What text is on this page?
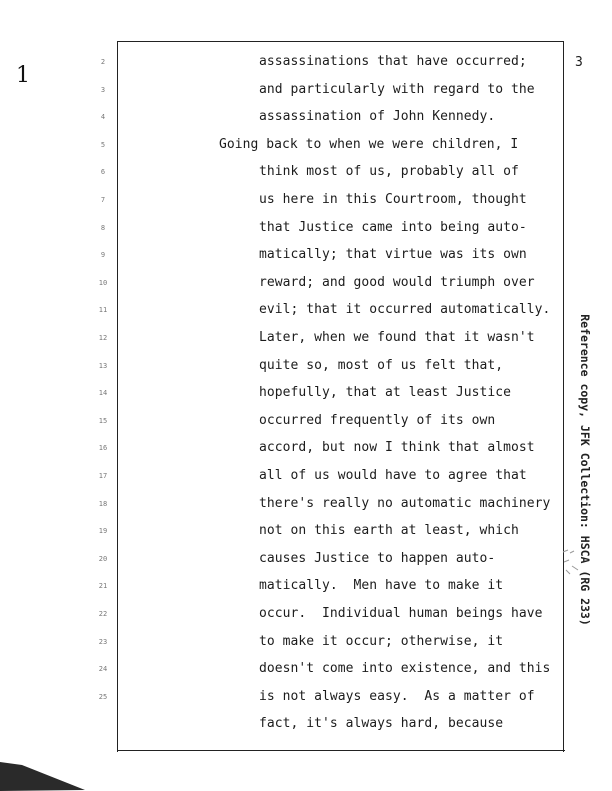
1
3
2
3
4
5
6
7
8
9
10
11
12
13
14
15
16
17
18
19
20
21
22
23
24
25
assassinations that have occurred;
and particularly with regard to the
assassination of John Kennedy.
Going back to when we were children, I
think most of us, probably all of
us here in this Courtroom, thought
that Justice came into being auto-
matically; that virtue was its own
reward; and good would triumph over
evil; that it occurred automatically.
Later, when we found that it wasn't
quite so, most of us felt that,
hopefully, that at least Justice
occurred frequently of its own
accord, but now I think that almost
all of us would have to agree that
there's really no automatic machinery
not on this earth at least, which
causes Justice to happen auto-
matically.  Men have to make it
occur.  Individual human beings have
to make it occur; otherwise, it
doesn't come into existence, and this
is not always easy.  As a matter of
fact, it's always hard, because
Reference copy, JFK Collection: HSCA (RG 233)
